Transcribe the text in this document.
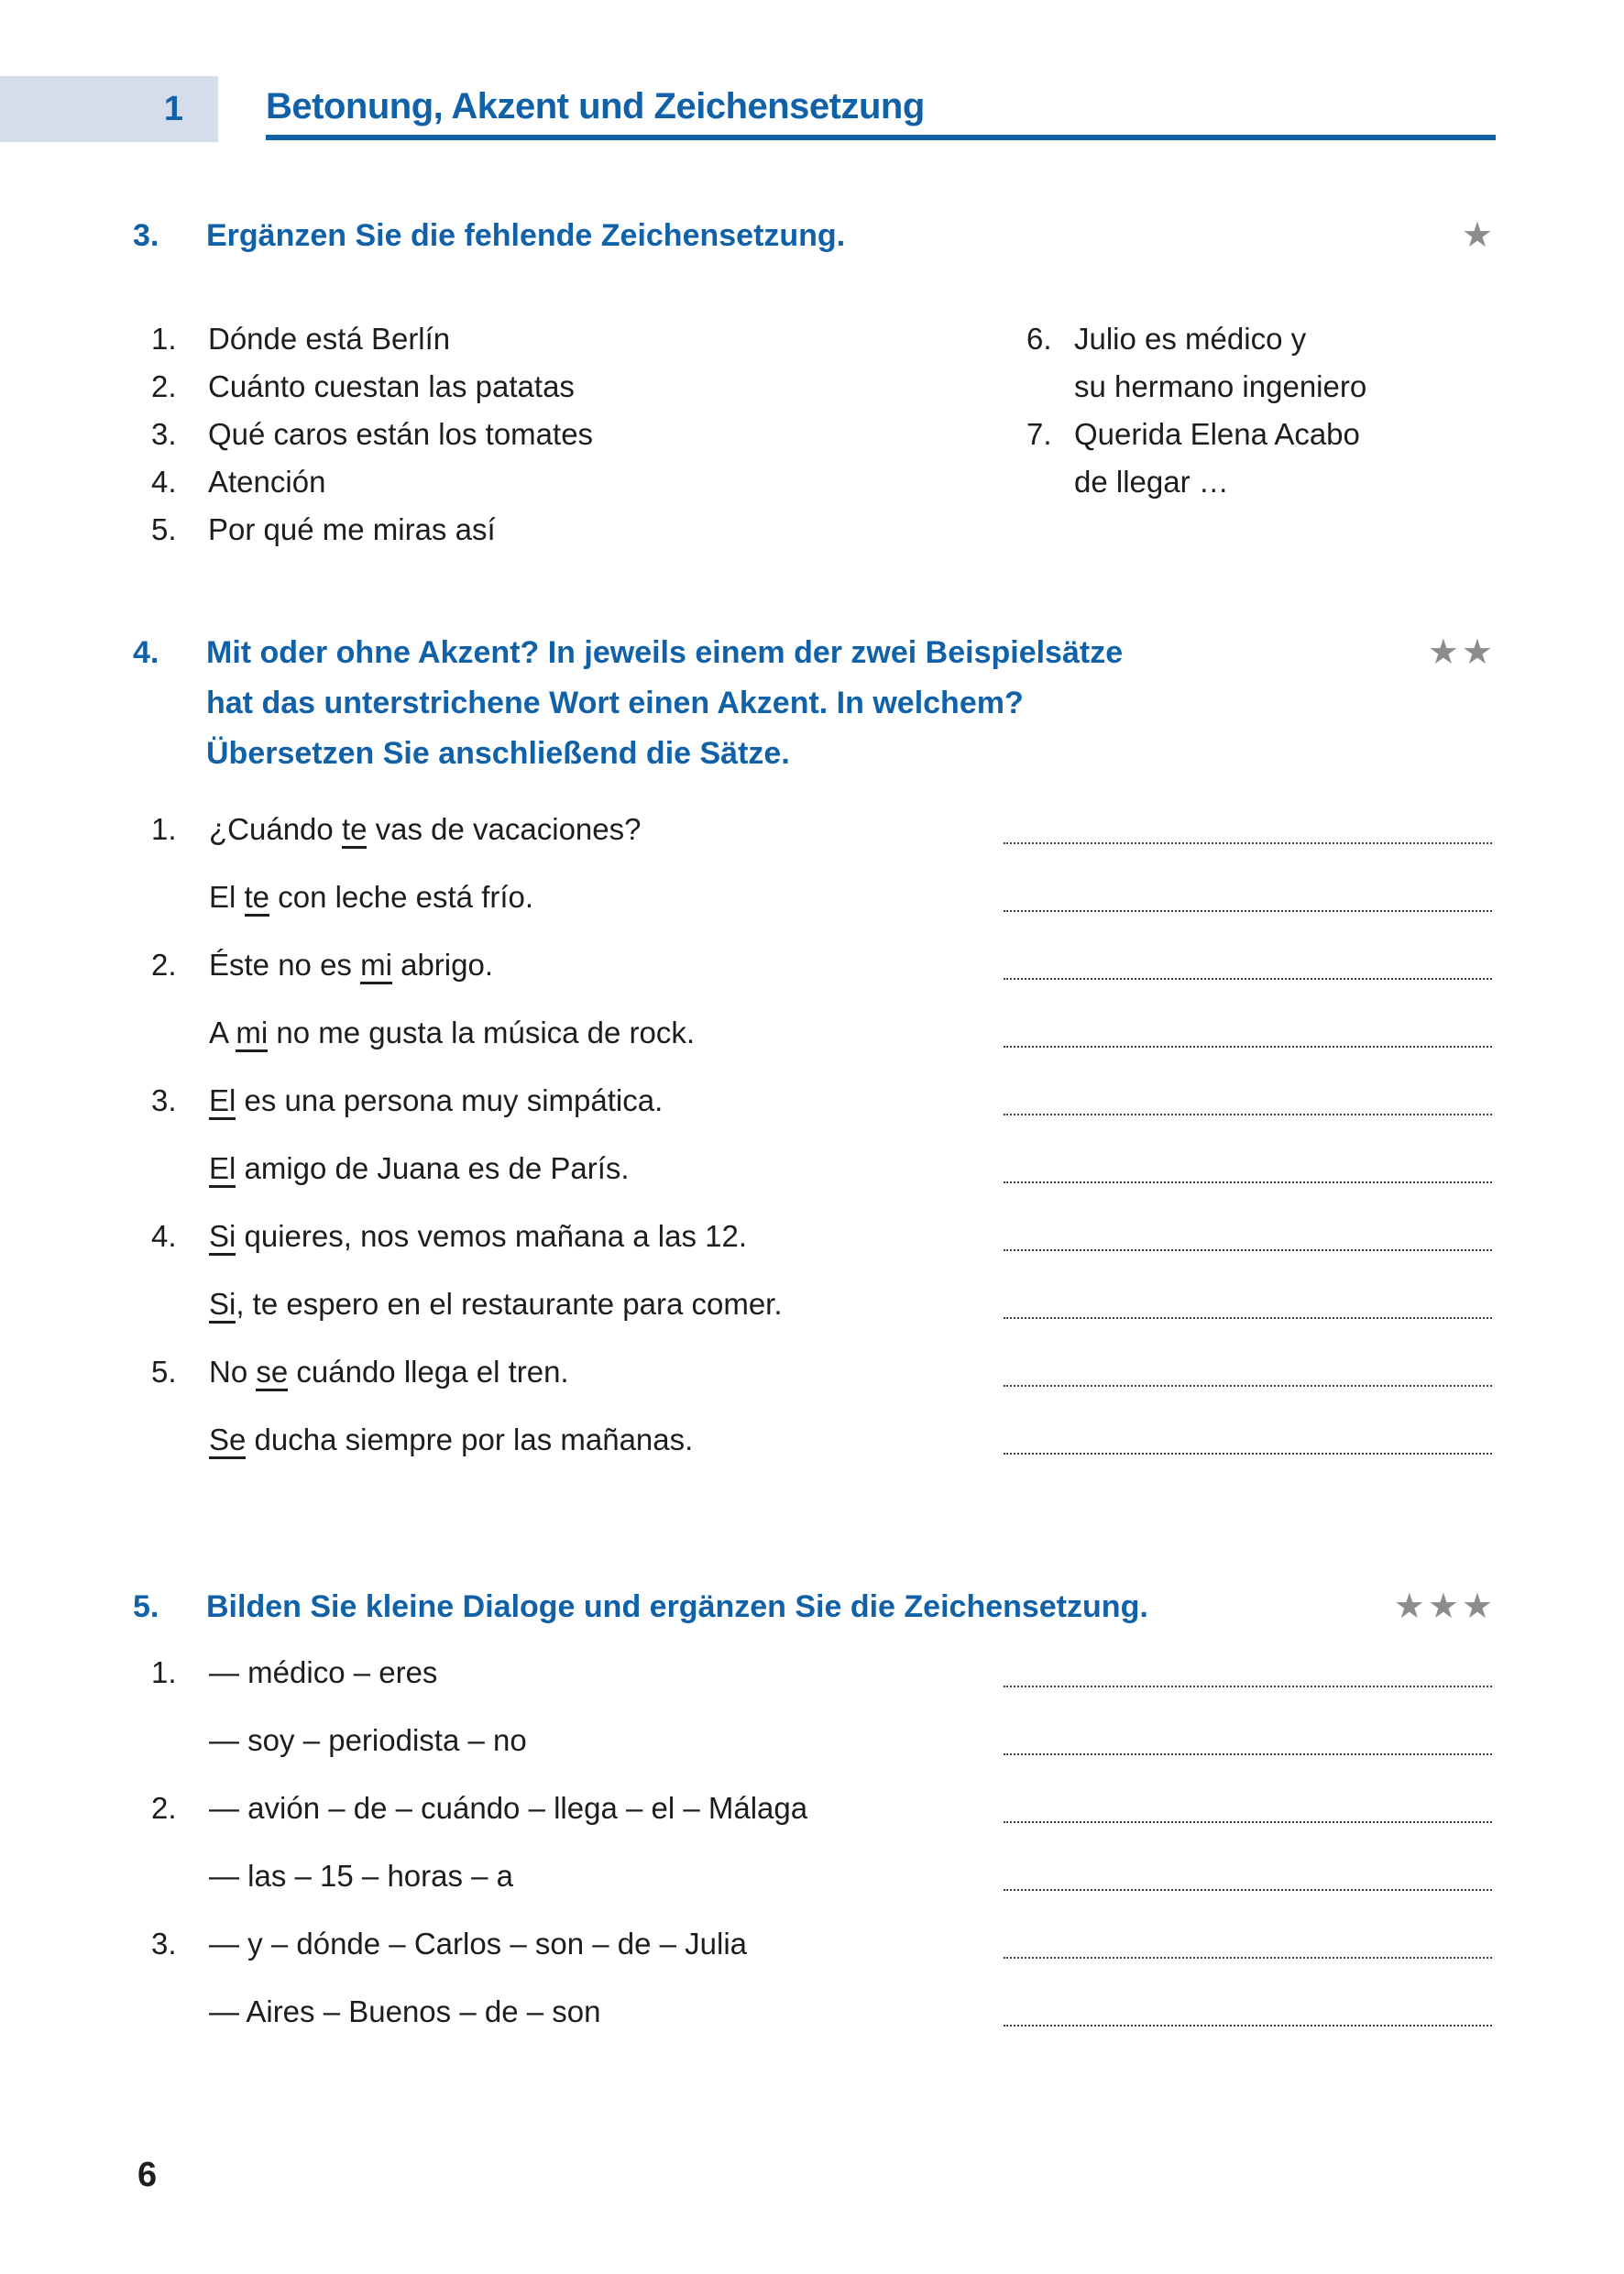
1 Betonung, Akzent und Zeichensetzung
3.	Ergänzen Sie die fehlende Zeichensetzung.	★
1.	Dónde está Berlín
2.	Cuánto cuestan las patatas
3.	Qué caros están los tomates
4.	Atención
5.	Por qué me miras así
6. Julio es médico y
su hermano ingeniero
7. Querida Elena Acabo
de llegar …
4.	Mit oder ohne Akzent? In jeweils einem der zwei Beispielsätze
hat das unterstrichene Wort einen Akzent. In welchem?
Übersetzen Sie anschließend die Sätze.
★★
1. ¿Cuándo te vas de vacaciones?
El te con leche está frío.
2. Éste no es mi abrigo.
A mi no me gusta la música de rock.
3. El es una persona muy simpática.
El amigo de Juana es de París.
4. Si quieres, nos vemos mañana a las 12.
Si, te espero en el restaurante para comer.
5. No se cuándo llega el tren.
Se ducha siempre por las mañanas.
5.	Bilden Sie kleine Dialoge und ergänzen Sie die Zeichensetzung.	★★★
1. — médico – eres
— soy – periodista – no
2. — avión – de – cuándo – llega – el – Málaga
— las – 15 – horas – a
3. — y – dónde – Carlos – son – de – Julia
— Aires – Buenos – de – son
6
